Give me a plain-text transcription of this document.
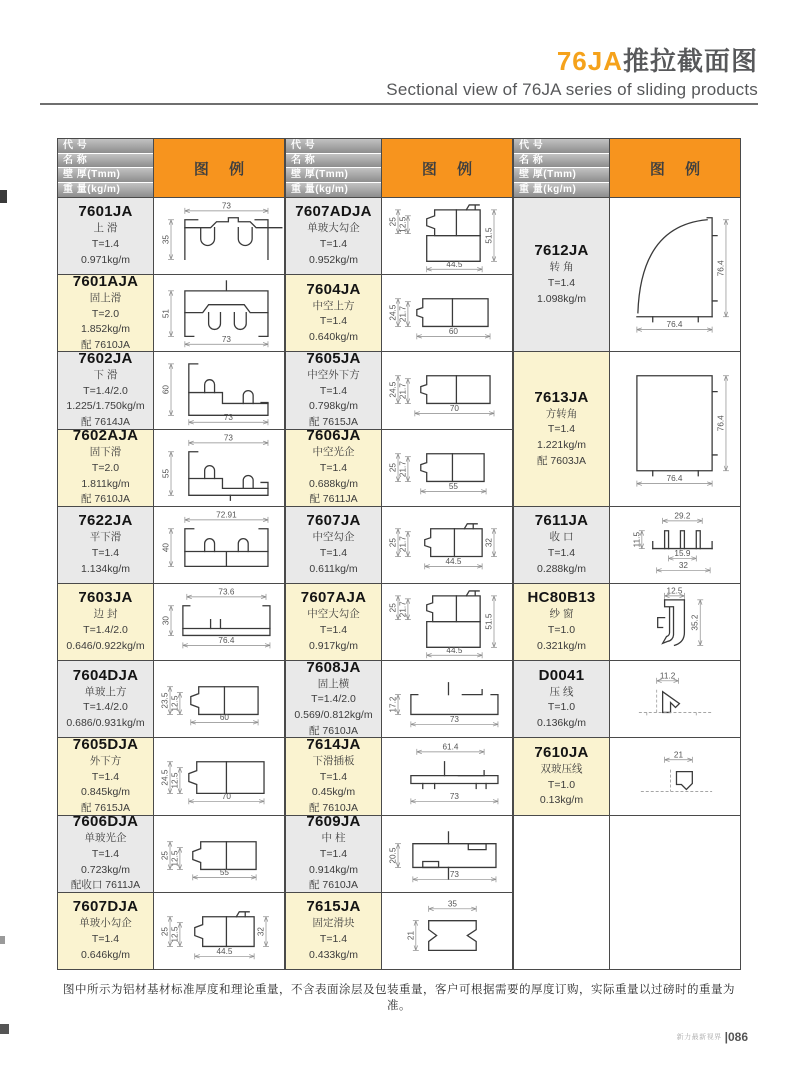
76JA推拉截面图
Sectional view of 76JA series of sliding products
代 号
名 称
壁 厚(Tmm)
重 量(kg/m)
图 例
7601JA
上 滑
T=1.4
0.971kg/m
73
35
7601AJA
固上滑
T=2.0
1.852kg/m
配 7610JA
51
73
7602JA
下 滑
T=1.4/2.0
1.225/1.750kg/m
配 7614JA
60
73
7602AJA
固下滑
T=2.0
1.811kg/m
配 7610JA
73
55
7622JA
平下滑
T=1.4
1.134kg/m
72.91
40
7603JA
边 封
T=1.4/2.0
0.646/0.922kg/m
73.6
30
76.4
7604DJA
单玻上方
T=1.4/2.0
0.686/0.931kg/m
23.5 12.5
60
7605DJA
外下方
T=1.4
0.845kg/m
配 7615JA
24.5 12.5
70
7606DJA
单玻光企
T=1.4
0.723kg/m
配收口 7611JA
25 12.5
55
7607DJA
单玻小勾企
T=1.4
0.646kg/m
25 12.5
44.5
32
代 号
名 称
壁 厚(Tmm)
重 量(kg/m)
图 例
7607ADJA
单玻大勾企
T=1.4
0.952kg/m
25 12.5
51.5
44.5
7604JA
中空上方
T=1.4
0.640kg/m
24.5 21.7
60
7605JA
中空外下方
T=1.4
0.798kg/m
配 7615JA
24.5 21.7
70
7606JA
中空光企
T=1.4
0.688kg/m
配 7611JA
25 21.7
55
7607JA
中空勾企
T=1.4
0.611kg/m
25 21.7
44.5
32
7607AJA
中空大勾企
T=1.4
0.917kg/m
25 21.7
51.5
44.5
7608JA
固上横
T=1.4/2.0
0.569/0.812kg/m
配 7610JA
17.2
73
7614JA
下滑插板
T=1.4
0.45kg/m
配 7610JA
61.4
73
7609JA
中 柱
T=1.4
0.914kg/m
配 7610JA
20.5
73
7615JA
固定滑块
T=1.4
0.433kg/m
35
21
代 号
名 称
壁 厚(Tmm)
重 量(kg/m)
图 例
7612JA
转 角
T=1.4
1.098kg/m
76.4
76.4
7613JA
方转角
T=1.4
1.221kg/m
配 7603JA
76.4
76.4
7611JA
收 口
T=1.4
0.288kg/m
29.2
11.5
15.9
32
HC80B13
纱 窗
T=1.0
0.321kg/m
12.5
35.2
D0041
压 线
T=1.0
0.136kg/m
11.2
7610JA
双玻压线
T=1.0
0.13kg/m
21
图中所示为铝材基材标准厚度和理论重量，不含表面涂层及包装重量，客户可根据需要的厚度订购，实际重量以过磅时的重量为准。
新力最新视界 |086
